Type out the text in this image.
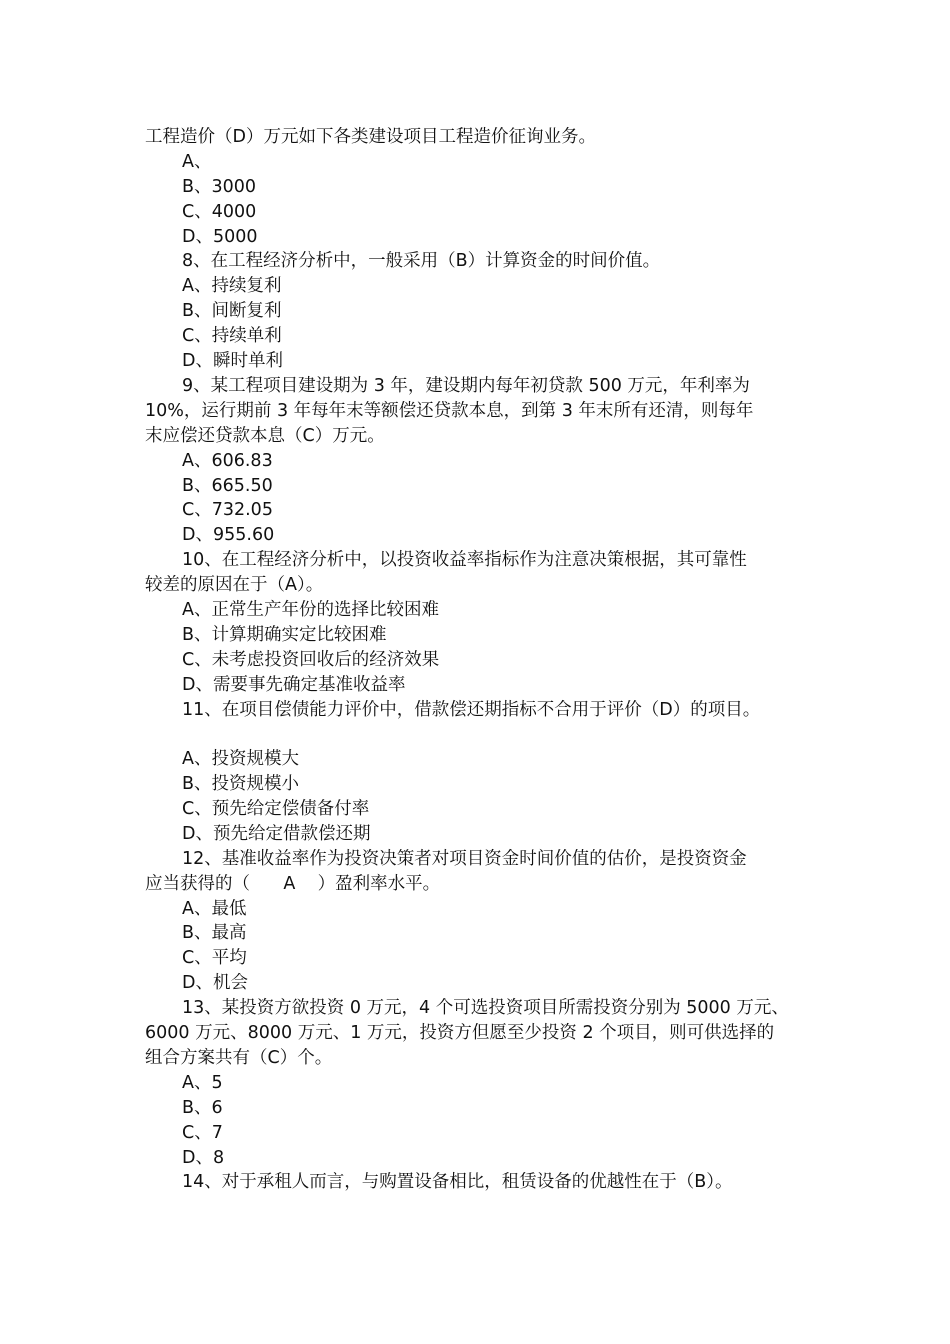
工程造价（D）万元如下各类建设项目工程造价征询业务。

A、

B、3000

C、4000

D、5000

8、在工程经济分析中，一般采用（B）计算资金的时间价值。

A、持续复利

B、间断复利

C、持续单利

D、瞬时单利

9、某工程项目建设期为 3 年，建设期内每年初贷款 500 万元，年利率为

10%，运行期前 3 年每年末等额偿还贷款本息，到第 3 年末所有还清，则每年

末应偿还贷款本息（C）万元。

A、606.83

B、665.50

C、732.05

D、955.60

10、在工程经济分析中，以投资收益率指标作为注意决策根据，其可靠性

较差的原因在于（A）。

A、正常生产年份的选择比较困难

B、计算期确实定比较困难

C、未考虑投资回收后的经济效果

D、需要事先确定基准收益率

11、在项目偿债能力评价中，借款偿还期指标不合用于评价（D）的项目。

A、投资规模大

B、投资规模小

C、预先给定偿债备付率

D、预先给定借款偿还期

12、基准收益率作为投资决策者对项目资金时间价值的估价，是投资资金

应当获得的（      A    ）盈利率水平。

A、最低

B、最高

C、平均

D、机会

13、某投资方欲投资 0 万元，4 个可选投资项目所需投资分别为 5000 万元、

6000 万元、8000 万元、1 万元，投资方但愿至少投资 2 个项目，则可供选择的

组合方案共有（C）个。

A、5

B、6

C、7

D、8

14、对于承租人而言，与购置设备相比，租赁设备的优越性在于（B）。
